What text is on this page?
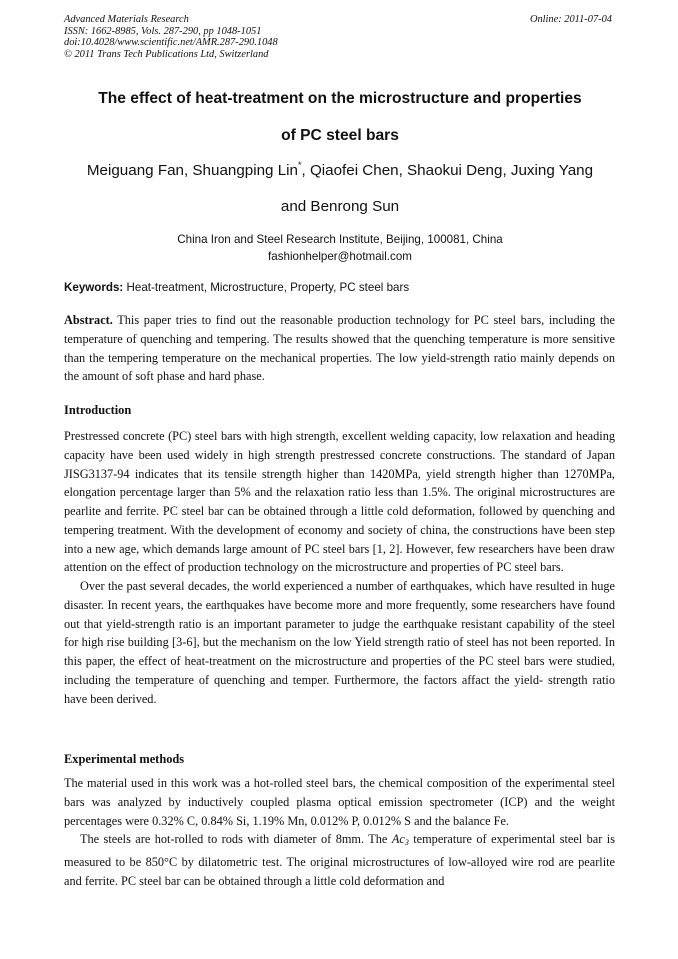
Advanced Materials Research
ISSN: 1662-8985, Vols. 287-290, pp 1048-1051
doi:10.4028/www.scientific.net/AMR.287-290.1048
© 2011 Trans Tech Publications Ltd, Switzerland
Online: 2011-07-04
The effect of heat-treatment on the microstructure and properties
of PC steel bars
Meiguang Fan, Shuangping Lin*, Qiaofei Chen, Shaokui Deng, Juxing Yang
and Benrong Sun
China Iron and Steel Research Institute, Beijing, 100081, China
fashionhelper@hotmail.com
Keywords: Heat-treatment, Microstructure, Property, PC steel bars

Abstract. This paper tries to find out the reasonable production technology for PC steel bars, including the temperature of quenching and tempering. The results showed that the quenching temperature is more sensitive than the tempering temperature on the mechanical properties. The low yield-strength ratio mainly depends on the amount of soft phase and hard phase.

Introduction

Prestressed concrete (PC) steel bars with high strength, excellent welding capacity, low relaxation and heading capacity have been used widely in high strength prestressed concrete constructions. The standard of Japan JISG3137-94 indicates that its tensile strength higher than 1420MPa, yield strength higher than 1270MPa, elongation percentage larger than 5% and the relaxation ratio less than 1.5%. The original microstructures are pearlite and ferrite. PC steel bar can be obtained through a little cold deformation, followed by quenching and tempering treatment. With the development of economy and society of china, the constructions have been step into a new age, which demands large amount of PC steel bars [1, 2]. However, few researchers have been draw attention on the effect of production technology on the microstructure and properties of PC steel bars.

Over the past several decades, the world experienced a number of earthquakes, which have resulted in huge disaster. In recent years, the earthquakes have become more and more frequently, some researchers have found out that yield-strength ratio is an important parameter to judge the earthquake resistant capability of the steel for high rise building [3-6], but the mechanism on the low Yield strength ratio of steel has not been reported. In this paper, the effect of heat-treatment on the microstructure and properties of the PC steel bars were studied, including the temperature of quenching and temper. Furthermore, the factors affact the yield- strength ratio have been derived.

Experimental methods

The material used in this work was a hot-rolled steel bars, the chemical composition of the experimental steel bars was analyzed by inductively coupled plasma optical emission spectrometer (ICP) and the weight percentages were 0.32% C, 0.84% Si, 1.19% Mn, 0.012% P, 0.012% S and the balance Fe.

The steels are hot-rolled to rods with diameter of 8mm. The $Ac_3$ temperature of experimental steel bar is measured to be 850°C by dilatometric test. The original microstructures of low-alloyed wire rod are pearlite and ferrite. PC steel bar can be obtained through a little cold deformation and
